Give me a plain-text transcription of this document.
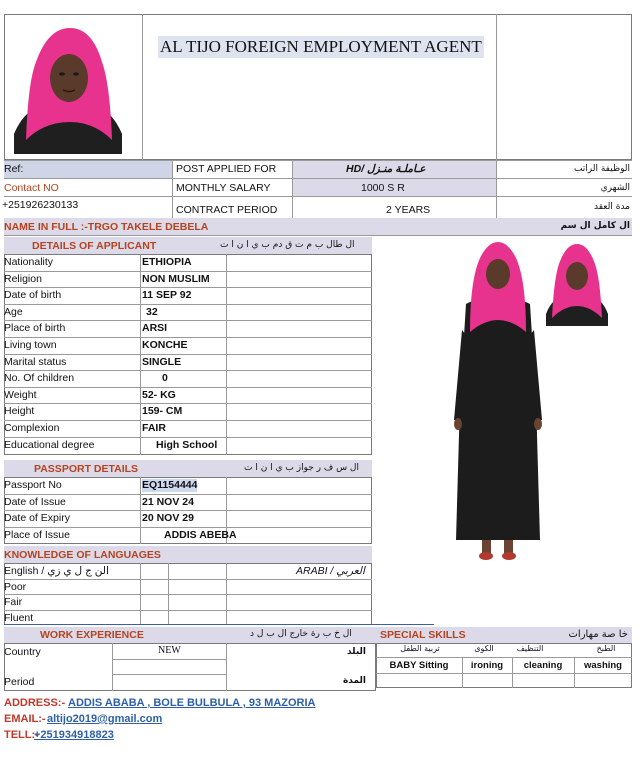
AL TIJO FOREIGN EMPLOYMENT AGENT
Ref:
Contact NO
+251926230133
POST APPLIED FOR	HD/ عـاملـة منـزل	الوظيفة الراتب
MONTHLY SALARY	1000 S R	الشهري
CONTRACT PERIOD	2 YEARS	مدة العقد
NAME IN FULL :-TRGO TAKELE DEBELA	ال كامل ال سم
DETAILS OF APPLICANT	ال طال ب م ت ق دم ب ي ا ن ا ت
Nationality	ETHIOPIA
Religion	NON MUSLIM
Date of birth	11 SEP 92
Age	32
Place of birth	ARSI
Living town	KONCHE
Marital status	SINGLE
No. Of children	0
Weight	52- KG
Height	159- CM
Complexion	FAIR
Educational degree	High School
PASSPORT DETAILS	ال س ف ر جواز ب ي ا ن ا ت
Passport No	EQ1154444
Date of Issue	21 NOV 24
Date of Expiry	20 NOV 29
Place of Issue	ADDIS ABEBA
KNOWLEDGE OF LANGUAGES
English / الن ج ل ي زي	ARABI / العربي
Poor
Fair
Fluent
WORK EXPERIENCE	ال خ ب رة خارج ال ب ل د
Country	NEW	البلد
Period	المدة
SPECIAL SKILLS	خا صة مهارات
BABY Sitting	ironing	cleaning	washing
تربية الطفل	الكوى	التنظيف	الطبخ
ADDRESS:- ADDIS ABABA , BOLE BULBULA , 93 MAZORIA
EMAIL:- altijo2019@gmail.com
TELL:-
+251934918823
